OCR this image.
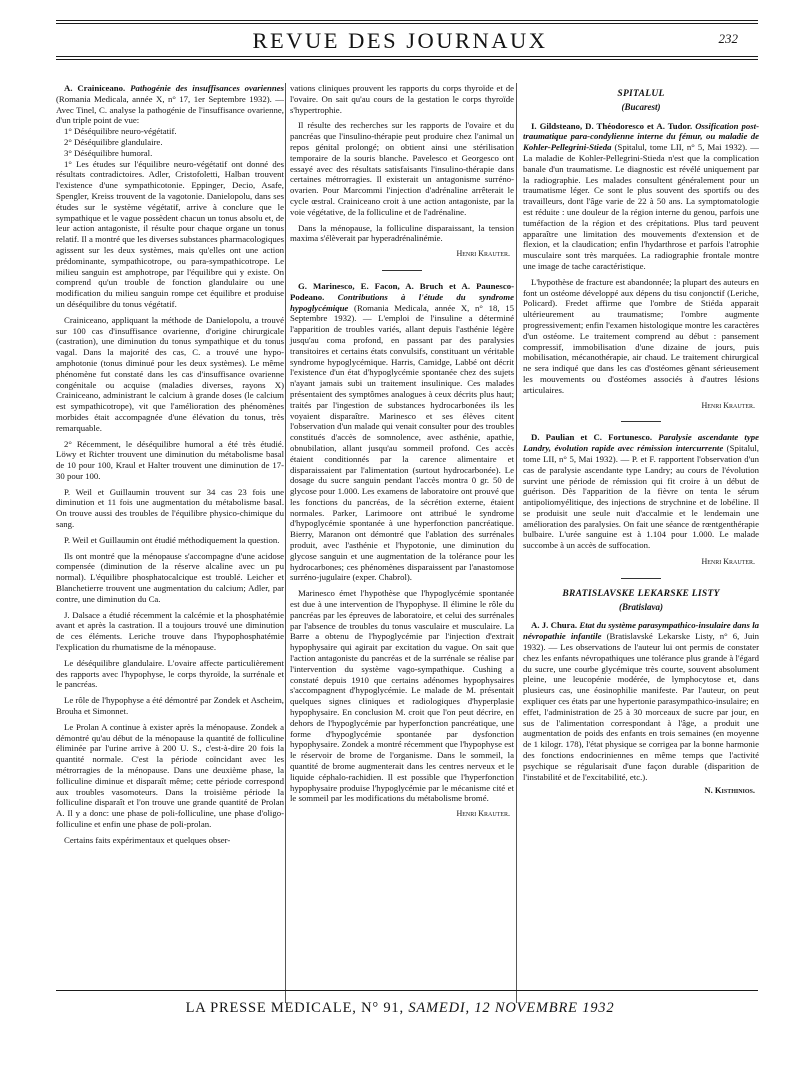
REVUE DES JOURNAUX	232

A. Crainiceano. Pathogénie des insuffisances ovariennes (Romania Medicala, année X, n° 17, 1er Septembre 1932). — Avec Tinel, C. analyse la pathogénie de l'insuffisance ovarienne, d'un triple point de vue:

1° Déséquilibre neuro-végétatif.

2° Déséquilibre glandulaire.

3° Déséquilibre humoral.

1° Les études sur l'équilibre neuro-végétatif ont donné des résultats contradictoires. Adler, Cristofoletti, Halban trouvent l'existence d'une sympathicotonie. Eppinger, Decio, Asafe, Spengler, Kreiss trouvent de la vagotonie. Danielopolu, dans ses études sur le système végétatif, arrive à conclure que le sympathique et le vague possèdent chacun un tonus absolu et, de leur action antagoniste, il résulte pour chaque organe un tonus relatif. Il a montré que les diverses substances pharmacologiques agissent sur les deux systèmes, mais qu'elles ont une action prédominante, sympathicotrope, ou para-sympathicotrope. Le milieu sanguin est amphotrope, par l'équilibre qui y existe. On comprend qu'un trouble de fonction glandulaire ou une modification du milieu sanguin rompe cet équilibre et produise un déséquilibre du tonus végétatif.

Crainiceano, appliquant la méthode de Danielopolu, a trouvé sur 100 cas d'insuffisance ovarienne, d'origine chirurgicale (castration), une diminution du tonus sympathique et du tonus vagal. Dans la majorité des cas, C. a trouvé une hypo-amphotonie (tonus diminué pour les deux systèmes). Le même phénomène fut constaté dans les cas d'insuffisance ovarienne congénitale ou acquise (maladies diverses, rayons X) Crainiceano, administrant le calcium à grande doses (le calcium est sympathicotrope), vit que l'amélioration des phénomènes morbides était accompagnée d'une élévation du tonus, très remarquable.

2° Récemment, le déséquilibre humoral a été très étudié. Löwy et Richter trouvent une diminution du métabolisme basal de 10 pour 100, Kraul et Halter trouvent une diminution de 17-30 pour 100.

P. Weil et Guillaumin trouvent sur 34 cas 23 fois une diminution et 11 fois une augmentation du métabolisme basal. On trouve aussi des troubles de l'équilibre physico-chimique du sang.

P. Weil et Guillaumin ont étudié méthodiquement la question.

Ils ont montré que la ménopause s'accompagne d'une acidose compensée (diminution de la réserve alcaline avec un pu normal). L'équilibre phosphatocalcique est troublé. Leicher et Blanchetierre trouvent une augmentation du calcium; Adler, par contre, une diminution du Ca.

J. Dalsace a étudié récemment la calcémie et la phosphatémie avant et après la castration. Il a toujours trouvé une diminution de ces éléments. Leriche trouve dans l'hypophosphatémie l'explication du rhumatisme de la ménopause.

Le déséquilibre glandulaire. L'ovaire affecte particulièrement des rapports avec l'hypophyse, le corps thyroïde, la surrénale et le pancréas.

Le rôle de l'hypophyse a été démontré par Zondek et Ascheim, Brouha et Simonnet.

Le Prolan A continue à exister après la ménopause. Zondek a démontré qu'au début de la ménopause la quantité de folliculine éliminée par l'urine arrive à 200 U. S., c'est-à-dire 20 fois la quantité normale. C'est la période coïncidant avec les métrorragies de la ménopause. Dans une deuxième phase, la folliculine diminue et disparaît même; cette période correspond aux troubles vasomoteurs. Dans la troisième période la folliculine disparaît et l'on trouve une grande quantité de Prolan A. Il y a donc: une phase de poli-folliculine, une phase d'oligo-folliculine et enfin une phase de poli-prolan.

Certains faits expérimentaux et quelques obser-

vations cliniques prouvent les rapports du corps thyroïde et de l'ovaire. On sait qu'au cours de la gestation le corps thyroïde s'hypertrophie.

Il résulte des recherches sur les rapports de l'ovaire et du pancréas que l'insulino-thérapie peut produire chez l'animal un repos génital prolongé; on obtient ainsi une stérilisation temporaire de la souris blanche. Pavelesco et Georgesco ont essayé avec des résultats satisfaisants l'insulino-thérapie dans certaines métrorragies. Il existerait un antagonisme surréno-ovarien. Pour Marcommi l'injection d'adrénaline arrêterait le cycle œstral. Crainiceano croit à une action antagoniste, par la voie végétative, de la folliculine et de l'adrénaline.

Dans la ménopause, la folliculine disparaissant, la tension maxima s'élèverait par hyperadrénalinémie.

Henri Krauter.

G. Marinesco, E. Facon, A. Bruch et A. Paunesco-Podeano. Contributions à l'étude du syndrome hypoglycémique (Romania Medicala, année X, n° 18, 15 Septembre 1932). — L'emploi de l'insuline a déterminé l'apparition de troubles variés, allant depuis l'asthénie légère jusqu'au coma profond, en passant par des paralysies transitoires et certains états convulsifs, constituant un véritable syndrome hypoglycémique. Harris, Camidge, Labbé ont décrit l'existence d'un état d'hypoglycémie spontanée chez des sujets n'ayant jamais subi un traitement insulinique. Ces malades présentaient des symptômes analogues à ceux décrits plus haut; traités par l'ingestion de substances hydrocarbonées ils les voyaient disparaître. Marinesco et ses élèves citent l'observation d'un malade qui venait consulter pour des troubles constitués d'accès de somnolence, avec asthénie, apathie, obnubilation, allant jusqu'au sommeil profond. Ces accès étaient conditionnés par la carence alimentaire et disparaissaient par l'alimentation (surtout hydrocarbonée). Le dosage du sucre sanguin pendant l'accès montra 0 gr. 50 de glycose pour 1.000. Les examens de laboratoire ont prouvé que les fonctions du pancréas, de la sécrétion externe, étaient normales. Parker, Larimoore ont attribué le syndrome d'hypoglycémie spontanée à une hyperfonction pancréatique. Bierry, Maranon ont démontré que l'ablation des surrénales produit, avec l'asthénie et l'hypotonie, une diminution du glycose sanguin et une augmentation de la tolérance pour les hydrocarbones; ces phénomènes disparaissent par l'anastomose surréno-jugulaire (exper. Chabrol).

Marinesco émet l'hypothèse que l'hypoglycémie spontanée est due à une intervention de l'hypophyse. Il élimine le rôle du pancréas par les épreuves de laboratoire, et celui des surrénales par l'absence de troubles du tonus vasculaire et musculaire. La Barre a obtenu de l'hypoglycémie par l'injection d'extrait hypophysaire qui agirait par excitation du vague. On sait que l'action antagoniste du pancréas et de la surrénale se réalise par l'intervention du système vago-sympathique. Cushing a constaté depuis 1910 que certains adénomes hypophysaires s'accompagnent d'hypoglycémie. Le malade de M. présentait quelques signes cliniques et radiologiques d'hyperplasie hypophysaire. En conclusion M. croit que l'on peut décrire, en dehors de l'hypoglycémie par hyperfonction pancréatique, une forme d'hypoglycémie spontanée par dysfonction hypophysaire. Zondek a montré récemment que l'hypophyse est le réservoir de brome de l'organisme. Dans le sommeil, la quantité de brome augmenterait dans les centres nerveux et le liquide céphalo-rachidien. Il est possible que l'hyperfonction hypophysaire produise l'hypoglycémie par le mécanisme cité et le sommeil par les modifications du métabolisme bromé.

Henri Krauter.

SPITALUL

(Bucarest)

I. Gildsteano, D. Théodoresco et A. Tudor. Ossification post-traumatique para-condylienne interne du fémur, ou maladie de Kohler-Pellegrini-Stieda (Spitalul, tome LII, n° 5, Mai 1932). — La maladie de Kohler-Pellegrini-Stieda n'est que la complication banale d'un traumatisme. Le diagnostic est révélé uniquement par la radiographie. Les malades consultent généralement pour un traumatisme léger. Ce sont le plus souvent des sportifs ou des travailleurs, dont l'âge varie de 22 à 50 ans. La symptomatologie est réduite : une douleur de la région interne du genou, parfois une tuméfaction de la région et des crépitations. Plus tard peuvent apparaître une limitation des mouvements d'extension et de flexion, et la claudication; enfin l'hydarthrose et parfois l'atrophie musculaire sont très marquées. La radiographie frontale montre une image de tache caractéristique.

L'hypothèse de fracture est abandonnée; la plupart des auteurs en font un ostéome développé aux dépens du tisu conjonctif (Leriche, Policard). Fredet affirme que l'ombre de Stiéda apparait ultérieurement au traumatisme; l'ombre augmente progressivement; enfin l'examen histologique montre les caractères d'un ostéome. Le traitement comprend au début : pansement compressif, immobilisation d'une dizaine de jours, puis mobilisation, mécanothérapie, air chaud. Le traitement chirurgical ne sera indiqué que dans les cas d'ostéomes gênant sérieusement les mouvements ou d'ostéomes associés à d'autres lésions articulaires.

Henri Krauter.

D. Paulian et C. Fortunesco. Paralysie ascendante type Landry, évolution rapide avec rémission intercurrente (Spitalul, tome LII, n° 5, Mai 1932). — P. et F. rapportent l'observation d'un cas de paralysie ascendante type Landry; au cours de l'évolution survint une période de rémission qui fit croire à un début de guérison. Dès l'apparition de la fièvre on tenta le sérum antipoliomyélitique, des injections de strychnine et de lobéline. Il se produisit une seule nuit d'accalmie et le lendemain une amélioration des paralysies. On fait une séance de rœntgenthérapie bulbaire. L'urée sanguine est à 1.104 pour 1.000. Le malade succombe à un accès de suffocation.

Henri Krauter.

BRATISLAVSKE LEKARSKE LISTY

(Bratislava)

A. J. Chura. Etat du système parasympathico-insulaire dans la névropathie infantile (Bratislavské Lekarske Listy, n° 6, Juin 1932). — Les observations de l'auteur lui ont permis de constater chez les enfants névropathiques une tolérance plus grande à l'égard du sucre, une courbe glycémique très courte, souvent absolument pleine, une leucopénie modérée, de lymphocytose et, dans plusieurs cas, une éosinophilie manifeste. Par l'auteur, on peut expliquer ces états par une hypertonie parasympathico-insulaire; en effet, l'administration de 25 à 30 morceaux de sucre par jour, en sus de l'alimentation correspondant à l'âge, a produit une augmentation de poids des enfants en trois semaines (en moyenne de 1 kilogr. 178), l'état physique se corrigea par la bonne harmonie des fonctions endocriniennes en même temps que l'activité psychique se régularisait d'une façon durable (disparition de l'instabilité et de l'excitabilité, etc.).

N. Kisthinios.

LA PRESSE MEDICALE, N° 91, SAMEDI, 12 NOVEMBRE 1932
